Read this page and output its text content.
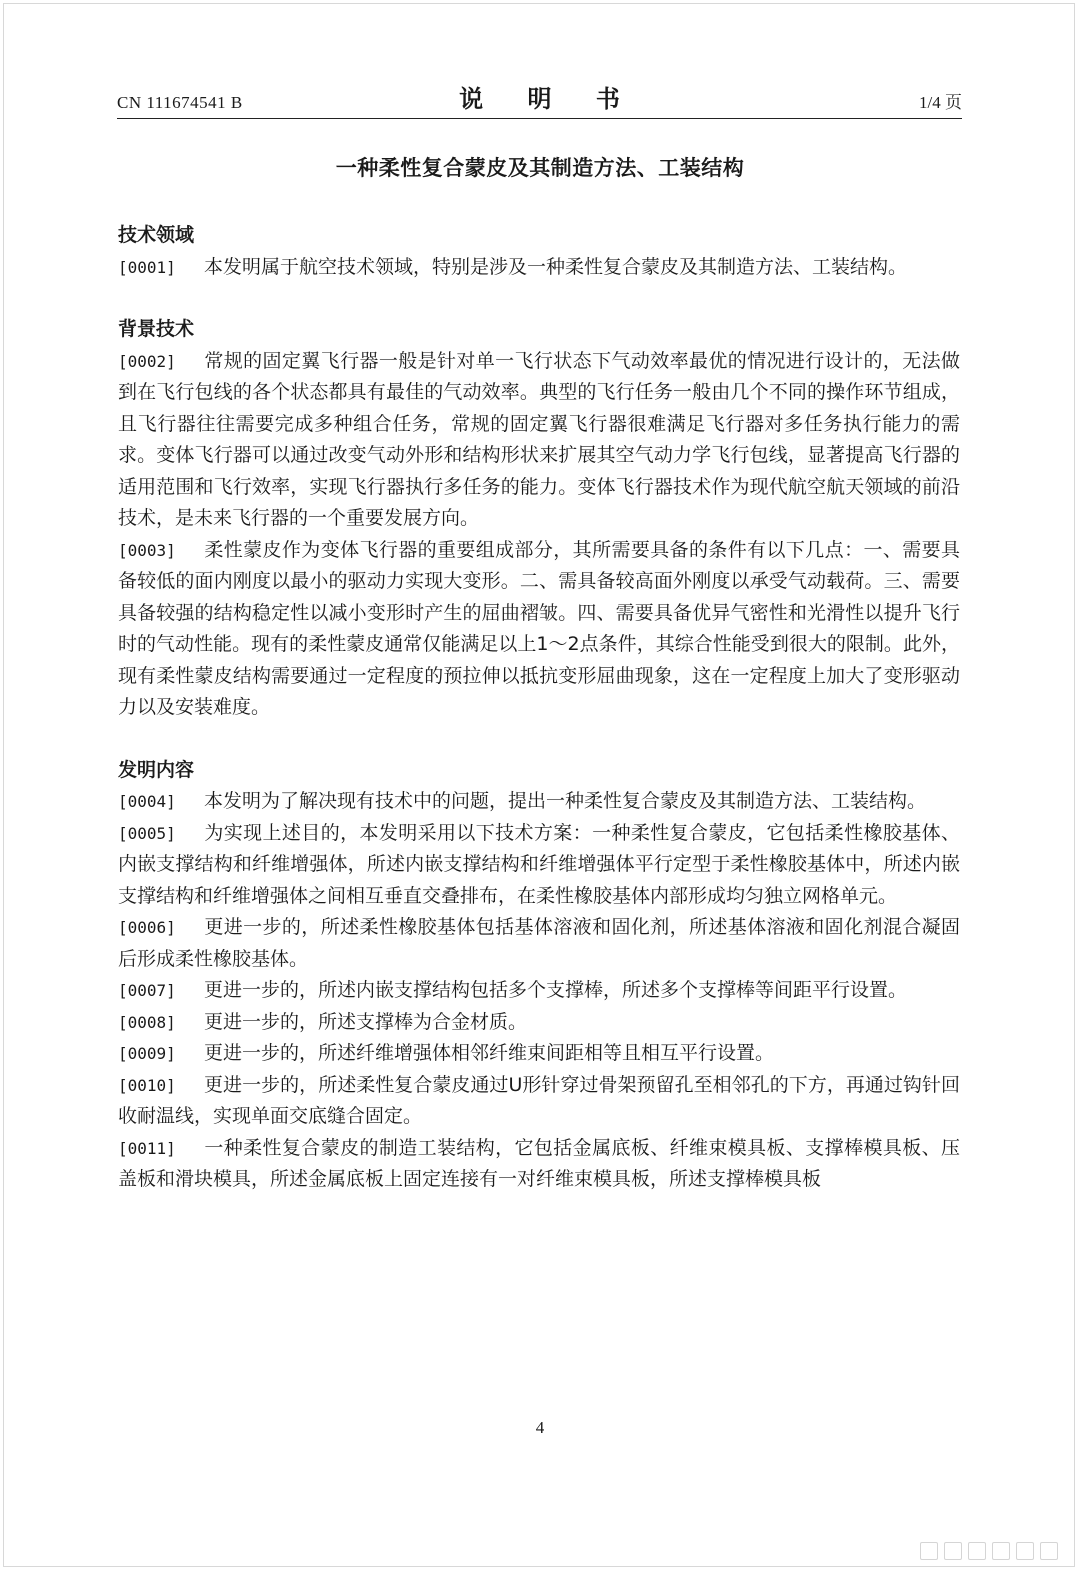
CN 111674541 B	说 明 书	1/4 页
一种柔性复合蒙皮及其制造方法、工装结构
技术领域

[0001] 本发明属于航空技术领域，特别是涉及一种柔性复合蒙皮及其制造方法、工装结构。

背景技术

[0002] 常规的固定翼飞行器一般是针对单一飞行状态下气动效率最优的情况进行设计的，无法做到在飞行包线的各个状态都具有最佳的气动效率。典型的飞行任务一般由几个不同的操作环节组成，且飞行器往往需要完成多种组合任务，常规的固定翼飞行器很难满足飞行器对多任务执行能力的需求。变体飞行器可以通过改变气动外形和结构形状来扩展其空气动力学飞行包线，显著提高飞行器的适用范围和飞行效率，实现飞行器执行多任务的能力。变体飞行器技术作为现代航空航天领域的前沿技术，是未来飞行器的一个重要发展方向。

[0003] 柔性蒙皮作为变体飞行器的重要组成部分，其所需要具备的条件有以下几点：一、需要具备较低的面内刚度以最小的驱动力实现大变形。二、需具备较高面外刚度以承受气动载荷。三、需要具备较强的结构稳定性以减小变形时产生的屈曲褶皱。四、需要具备优异气密性和光滑性以提升飞行时的气动性能。现有的柔性蒙皮通常仅能满足以上1～2点条件，其综合性能受到很大的限制。此外，现有柔性蒙皮结构需要通过一定程度的预拉伸以抵抗变形屈曲现象，这在一定程度上加大了变形驱动力以及安装难度。

发明内容

[0004] 本发明为了解决现有技术中的问题，提出一种柔性复合蒙皮及其制造方法、工装结构。

[0005] 为实现上述目的，本发明采用以下技术方案：一种柔性复合蒙皮，它包括柔性橡胶基体、内嵌支撑结构和纤维增强体，所述内嵌支撑结构和纤维增强体平行定型于柔性橡胶基体中，所述内嵌支撑结构和纤维增强体之间相互垂直交叠排布，在柔性橡胶基体内部形成均匀独立网格单元。

[0006] 更进一步的，所述柔性橡胶基体包括基体溶液和固化剂，所述基体溶液和固化剂混合凝固后形成柔性橡胶基体。

[0007] 更进一步的，所述内嵌支撑结构包括多个支撑棒，所述多个支撑棒等间距平行设置。

[0008] 更进一步的，所述支撑棒为合金材质。

[0009] 更进一步的，所述纤维增强体相邻纤维束间距相等且相互平行设置。

[0010] 更进一步的，所述柔性复合蒙皮通过U形针穿过骨架预留孔至相邻孔的下方，再通过钩针回收耐温线，实现单面交底缝合固定。

[0011] 一种柔性复合蒙皮的制造工装结构，它包括金属底板、纤维束模具板、支撑棒模具板、压盖板和滑块模具，所述金属底板上固定连接有一对纤维束模具板，所述支撑棒模具板

4
